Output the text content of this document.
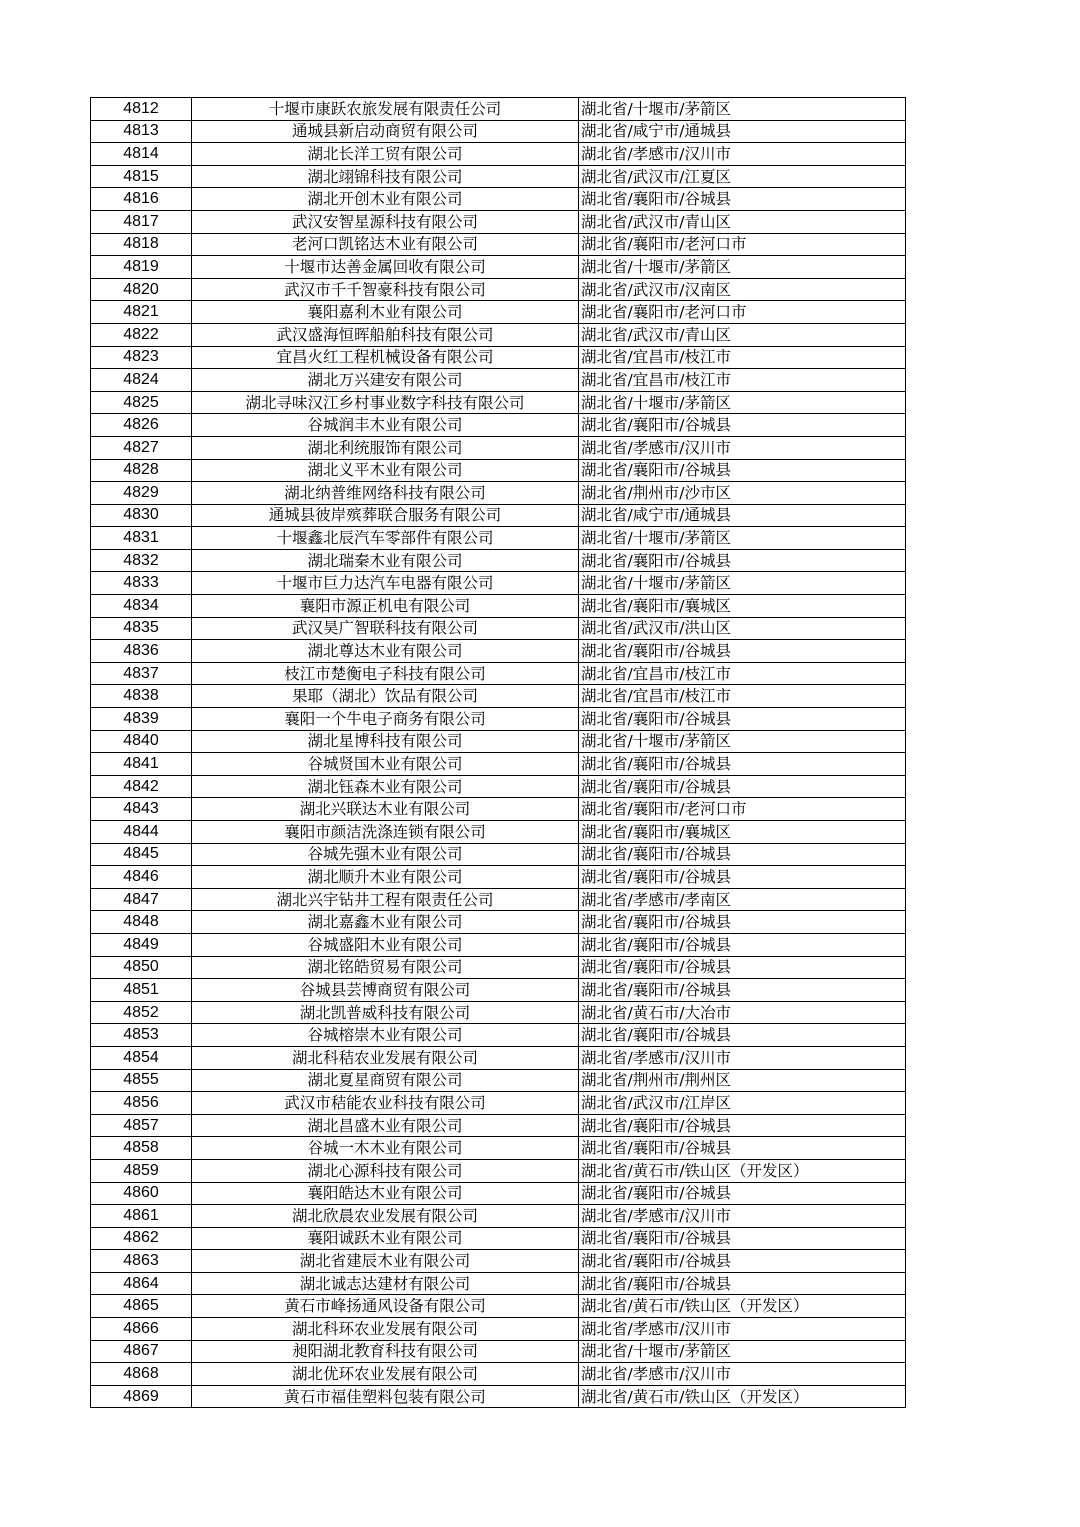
4812	十堰市康跃农旅发展有限责任公司	湖北省/十堰市/茅箭区
4813	通城县新启动商贸有限公司	湖北省/咸宁市/通城县
4814	湖北长洋工贸有限公司	湖北省/孝感市/汉川市
4815	湖北翊锦科技有限公司	湖北省/武汉市/江夏区
4816	湖北开创木业有限公司	湖北省/襄阳市/谷城县
4817	武汉安智星源科技有限公司	湖北省/武汉市/青山区
4818	老河口凯铭达木业有限公司	湖北省/襄阳市/老河口市
4819	十堰市达善金属回收有限公司	湖北省/十堰市/茅箭区
4820	武汉市千千智豪科技有限公司	湖北省/武汉市/汉南区
4821	襄阳嘉利木业有限公司	湖北省/襄阳市/老河口市
4822	武汉盛海恒晖船舶科技有限公司	湖北省/武汉市/青山区
4823	宜昌火红工程机械设备有限公司	湖北省/宜昌市/枝江市
4824	湖北万兴建安有限公司	湖北省/宜昌市/枝江市
4825	湖北寻味汉江乡村事业数字科技有限公司	湖北省/十堰市/茅箭区
4826	谷城润丰木业有限公司	湖北省/襄阳市/谷城县
4827	湖北利统服饰有限公司	湖北省/孝感市/汉川市
4828	湖北义平木业有限公司	湖北省/襄阳市/谷城县
4829	湖北纳普维网络科技有限公司	湖北省/荆州市/沙市区
4830	通城县彼岸殡葬联合服务有限公司	湖北省/咸宁市/通城县
4831	十堰鑫北辰汽车零部件有限公司	湖北省/十堰市/茅箭区
4832	湖北瑞秦木业有限公司	湖北省/襄阳市/谷城县
4833	十堰市巨力达汽车电器有限公司	湖北省/十堰市/茅箭区
4834	襄阳市源正机电有限公司	湖北省/襄阳市/襄城区
4835	武汉昊广智联科技有限公司	湖北省/武汉市/洪山区
4836	湖北尊达木业有限公司	湖北省/襄阳市/谷城县
4837	枝江市楚衡电子科技有限公司	湖北省/宜昌市/枝江市
4838	果耶（湖北）饮品有限公司	湖北省/宜昌市/枝江市
4839	襄阳一个牛电子商务有限公司	湖北省/襄阳市/谷城县
4840	湖北星博科技有限公司	湖北省/十堰市/茅箭区
4841	谷城贤国木业有限公司	湖北省/襄阳市/谷城县
4842	湖北钰森木业有限公司	湖北省/襄阳市/谷城县
4843	湖北兴联达木业有限公司	湖北省/襄阳市/老河口市
4844	襄阳市颜洁洗涤连锁有限公司	湖北省/襄阳市/襄城区
4845	谷城先强木业有限公司	湖北省/襄阳市/谷城县
4846	湖北顺升木业有限公司	湖北省/襄阳市/谷城县
4847	湖北兴宇钻井工程有限责任公司	湖北省/孝感市/孝南区
4848	湖北嘉鑫木业有限公司	湖北省/襄阳市/谷城县
4849	谷城盛阳木业有限公司	湖北省/襄阳市/谷城县
4850	湖北铭皓贸易有限公司	湖北省/襄阳市/谷城县
4851	谷城县芸博商贸有限公司	湖北省/襄阳市/谷城县
4852	湖北凯普威科技有限公司	湖北省/黄石市/大冶市
4853	谷城榕崇木业有限公司	湖北省/襄阳市/谷城县
4854	湖北科秸农业发展有限公司	湖北省/孝感市/汉川市
4855	湖北夏星商贸有限公司	湖北省/荆州市/荆州区
4856	武汉市秸能农业科技有限公司	湖北省/武汉市/江岸区
4857	湖北昌盛木业有限公司	湖北省/襄阳市/谷城县
4858	谷城一木木业有限公司	湖北省/襄阳市/谷城县
4859	湖北心源科技有限公司	湖北省/黄石市/铁山区（开发区）
4860	襄阳皓达木业有限公司	湖北省/襄阳市/谷城县
4861	湖北欣晨农业发展有限公司	湖北省/孝感市/汉川市
4862	襄阳诚跃木业有限公司	湖北省/襄阳市/谷城县
4863	湖北省建辰木业有限公司	湖北省/襄阳市/谷城县
4864	湖北诚志达建材有限公司	湖北省/襄阳市/谷城县
4865	黄石市峰扬通风设备有限公司	湖北省/黄石市/铁山区（开发区）
4866	湖北科环农业发展有限公司	湖北省/孝感市/汉川市
4867	昶阳湖北教育科技有限公司	湖北省/十堰市/茅箭区
4868	湖北优环农业发展有限公司	湖北省/孝感市/汉川市
4869	黄石市福佳塑料包装有限公司	湖北省/黄石市/铁山区（开发区）
